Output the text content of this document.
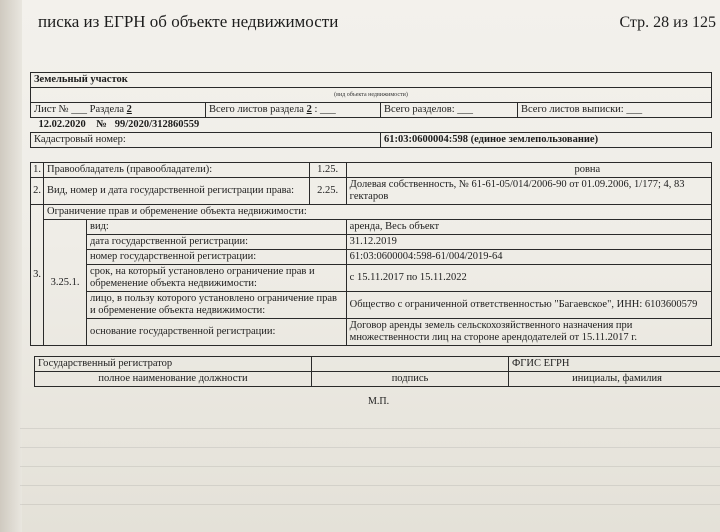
писка из ЕГРН об объекте недвижимости	Стр. 28 из 125
Земельный участок			
(вид объекта недвижимости)			
Лист № ___ Раздела 2	Всего листов раздела 2 : ___	Всего разделов: ___	Всего листов выписки: ___
12.02.2020 № 99/2020/312860559			
Кадастровый номер:		61:03:0600004:598 (единое землепользование)	
1.	Правообладатель (правообладатели):		1.25.	ровна
2.	Вид, номер и дата государственной регистрации права:		2.25.	Долевая собственность, № 61-61-05/014/2006-90 от 01.09.2006, 1/177; 4, 83 гектаров
3.	Ограничение прав и обременение объекта недвижимости:			
	3.25.1.	вид:		аренда, Весь объект
		дата государственной регистрации:		31.12.2019
		номер государственной регистрации:		61:03:0600004:598-61/004/2019-64
		срок, на который установлено ограничение прав и обременение объекта недвижимости:		с 15.11.2017 по 15.11.2022
		лицо, в пользу которого установлено ограничение прав и обременение объекта недвижимости:		Общество с ограниченной ответственностью "Багаевское", ИНН: 6103600579
		основание государственной регистрации:		Договор аренды земель сельскохозяйственного назначения при множественности лиц на стороне арендодателей от 15.11.2017 г.
Государственный регистратор		ФГИС ЕГРН
полное наименование должности	подпись	инициалы, фамилия
М.П.
